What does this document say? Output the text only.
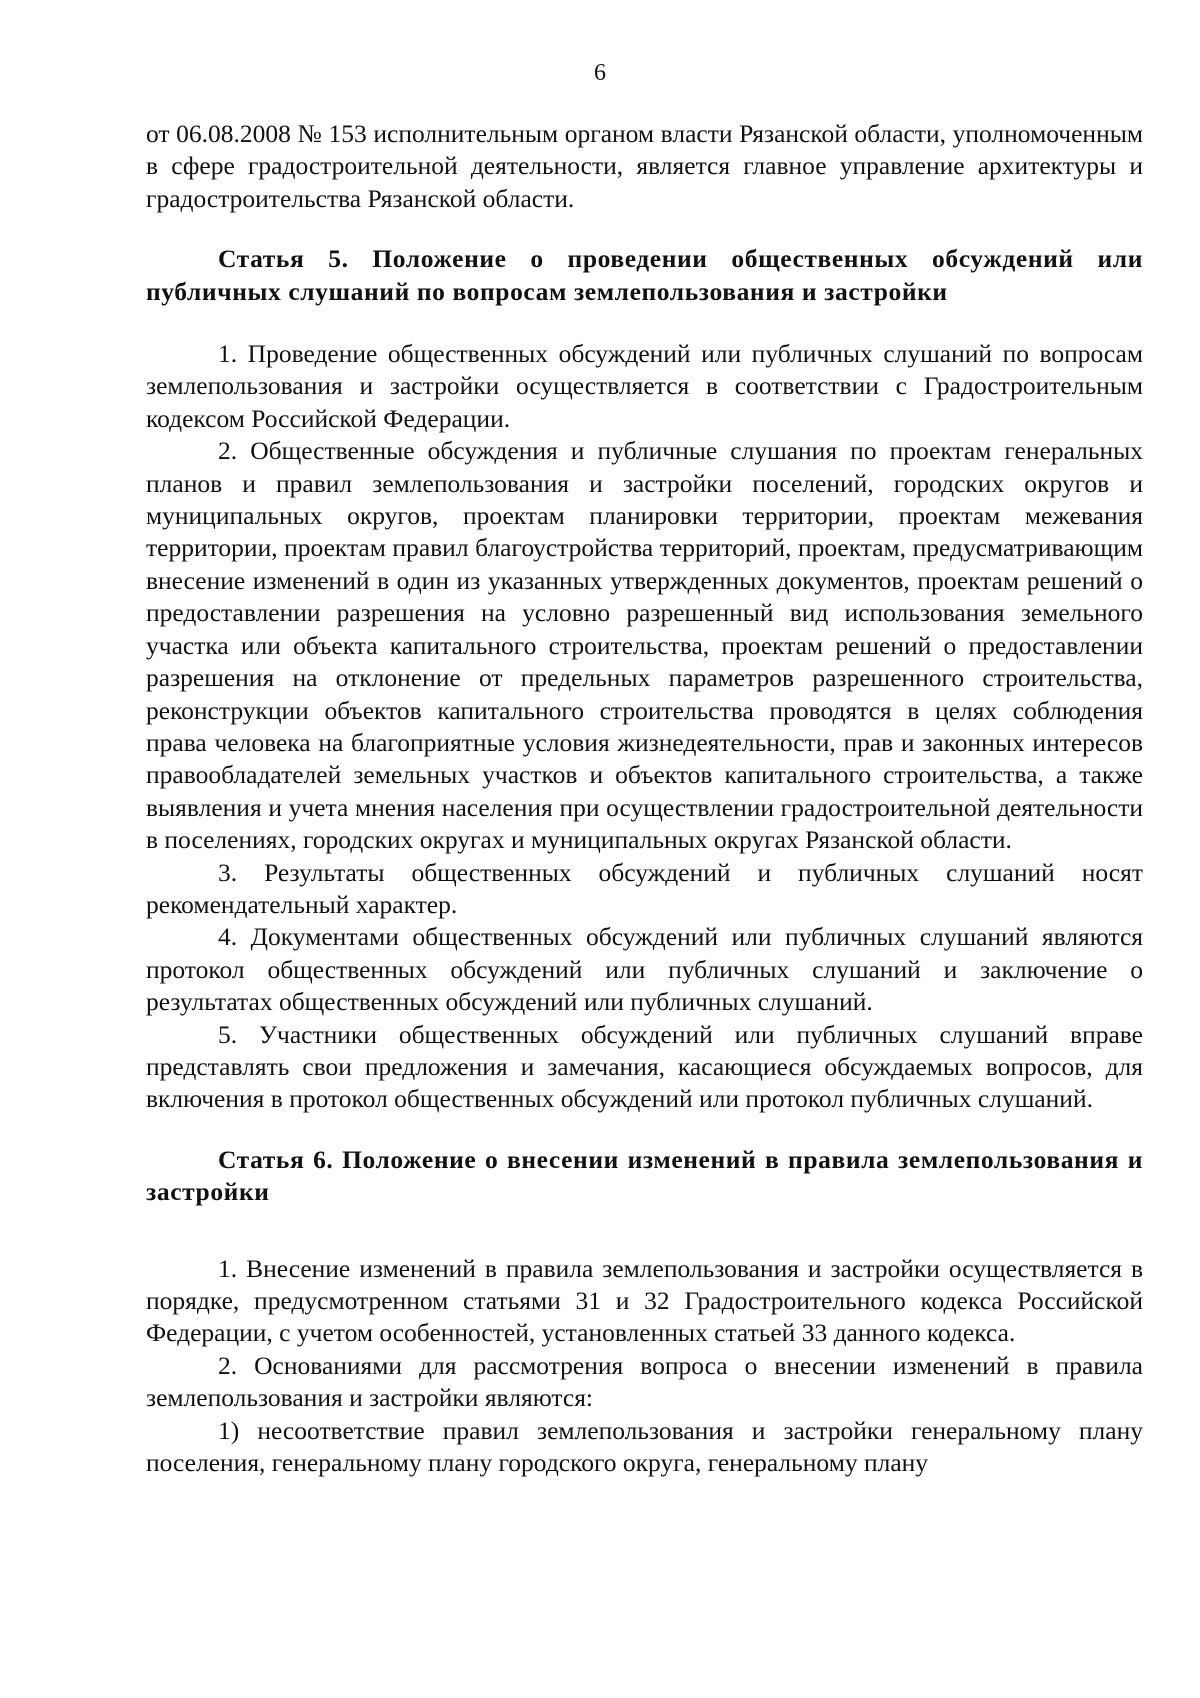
6

от 06.08.2008 № 153 исполнительным органом власти Рязанской области, уполномоченным в сфере градостроительной деятельности, является главное управление архитектуры и градостроительства Рязанской области.

Статья 5. Положение о проведении общественных обсуждений или публичных слушаний по вопросам землепользования и застройки

1. Проведение общественных обсуждений или публичных слушаний по вопросам землепользования и застройки осуществляется в соответствии с Градостроительным кодексом Российской Федерации.

2. Общественные обсуждения и публичные слушания по проектам генеральных планов и правил землепользования и застройки поселений, городских округов и муниципальных округов, проектам планировки территории, проектам межевания территории, проектам правил благоустройства территорий, проектам, предусматривающим внесение изменений в один из указанных утвержденных документов, проектам решений о предоставлении разрешения на условно разрешенный вид использования земельного участка или объекта капитального строительства, проектам решений о предоставлении разрешения на отклонение от предельных параметров разрешенного строительства, реконструкции объектов капитального строительства проводятся в целях соблюдения права человека на благоприятные условия жизнедеятельности, прав и законных интересов правообладателей земельных участков и объектов капитального строительства, а также выявления и учета мнения населения при осуществлении градостроительной деятельности в поселениях, городских округах и муниципальных округах Рязанской области.

3. Результаты общественных обсуждений и публичных слушаний носят рекомендательный характер.

4. Документами общественных обсуждений или публичных слушаний являются протокол общественных обсуждений или публичных слушаний и заключение о результатах общественных обсуждений или публичных слушаний.

5. Участники общественных обсуждений или публичных слушаний вправе представлять свои предложения и замечания, касающиеся обсуждаемых вопросов, для включения в протокол общественных обсуждений или протокол публичных слушаний.

Статья 6. Положение о внесении изменений в правила землепользования и застройки

1. Внесение изменений в правила землепользования и застройки осуществляется в порядке, предусмотренном статьями 31 и 32 Градостроительного кодекса Российской Федерации, с учетом особенностей, установленных статьей 33 данного кодекса.

2. Основаниями для рассмотрения вопроса о внесении изменений в правила землепользования и застройки являются:

1) несоответствие правил землепользования и застройки генеральному плану поселения, генеральному плану городского округа, генеральному плану
